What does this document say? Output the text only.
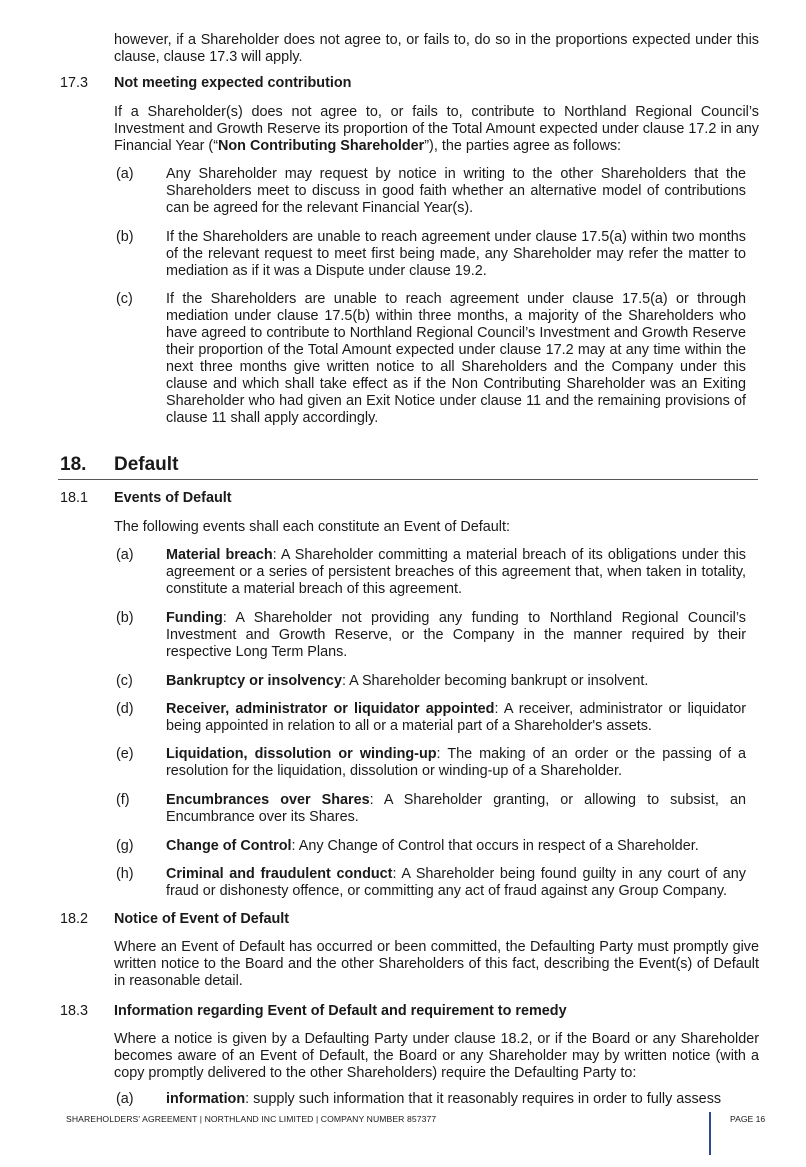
however, if a Shareholder does not agree to, or fails to, do so in the proportions expected under this clause, clause 17.3 will apply.
17.3 Not meeting expected contribution
If a Shareholder(s) does not agree to, or fails to, contribute to Northland Regional Council’s Investment and Growth Reserve its proportion of the Total Amount expected under clause 17.2 in any Financial Year (“Non Contributing Shareholder”), the parties agree as follows:
(a) Any Shareholder may request by notice in writing to the other Shareholders that the Shareholders meet to discuss in good faith whether an alternative model of contributions can be agreed for the relevant Financial Year(s).
(b) If the Shareholders are unable to reach agreement under clause 17.5(a) within two months of the relevant request to meet first being made, any Shareholder may refer the matter to mediation as if it was a Dispute under clause 19.2.
(c) If the Shareholders are unable to reach agreement under clause 17.5(a) or through mediation under clause 17.5(b) within three months, a majority of the Shareholders who have agreed to contribute to Northland Regional Council’s Investment and Growth Reserve their proportion of the Total Amount expected under clause 17.2 may at any time within the next three months give written notice to all Shareholders and the Company under this clause and which shall take effect as if the Non Contributing Shareholder was an Exiting Shareholder who had given an Exit Notice under clause 11 and the remaining provisions of clause 11 shall apply accordingly.
18. Default
18.1 Events of Default
The following events shall each constitute an Event of Default:
(a) Material breach: A Shareholder committing a material breach of its obligations under this agreement or a series of persistent breaches of this agreement that, when taken in totality, constitute a material breach of this agreement.
(b) Funding: A Shareholder not providing any funding to Northland Regional Council’s Investment and Growth Reserve, or the Company in the manner required by their respective Long Term Plans.
(c) Bankruptcy or insolvency: A Shareholder becoming bankrupt or insolvent.
(d) Receiver, administrator or liquidator appointed: A receiver, administrator or liquidator being appointed in relation to all or a material part of a Shareholder's assets.
(e) Liquidation, dissolution or winding-up: The making of an order or the passing of a resolution for the liquidation, dissolution or winding-up of a Shareholder.
(f)	Encumbrances over Shares: A Shareholder granting, or allowing to subsist, an Encumbrance over its Shares.
(g) Change of Control: Any Change of Control that occurs in respect of a Shareholder.
(h) Criminal and fraudulent conduct: A Shareholder being found guilty in any court of any fraud or dishonesty offence, or committing any act of fraud against any Group Company.
18.2 Notice of Event of Default
Where an Event of Default has occurred or been committed, the Defaulting Party must promptly give written notice to the Board and the other Shareholders of this fact, describing the Event(s) of Default in reasonable detail.
18.3 Information regarding Event of Default and requirement to remedy
Where a notice is given by a Defaulting Party under clause 18.2, or if the Board or any Shareholder becomes aware of an Event of Default, the Board or any Shareholder may by written notice (with a copy promptly delivered to the other Shareholders) require the Defaulting Party to:
(a) information: supply such information that it reasonably requires in order to fully assess
SHAREHOLDERS' AGREEMENT | NORTHLAND INC LIMITED | COMPANY NUMBER 857377	PAGE 16
